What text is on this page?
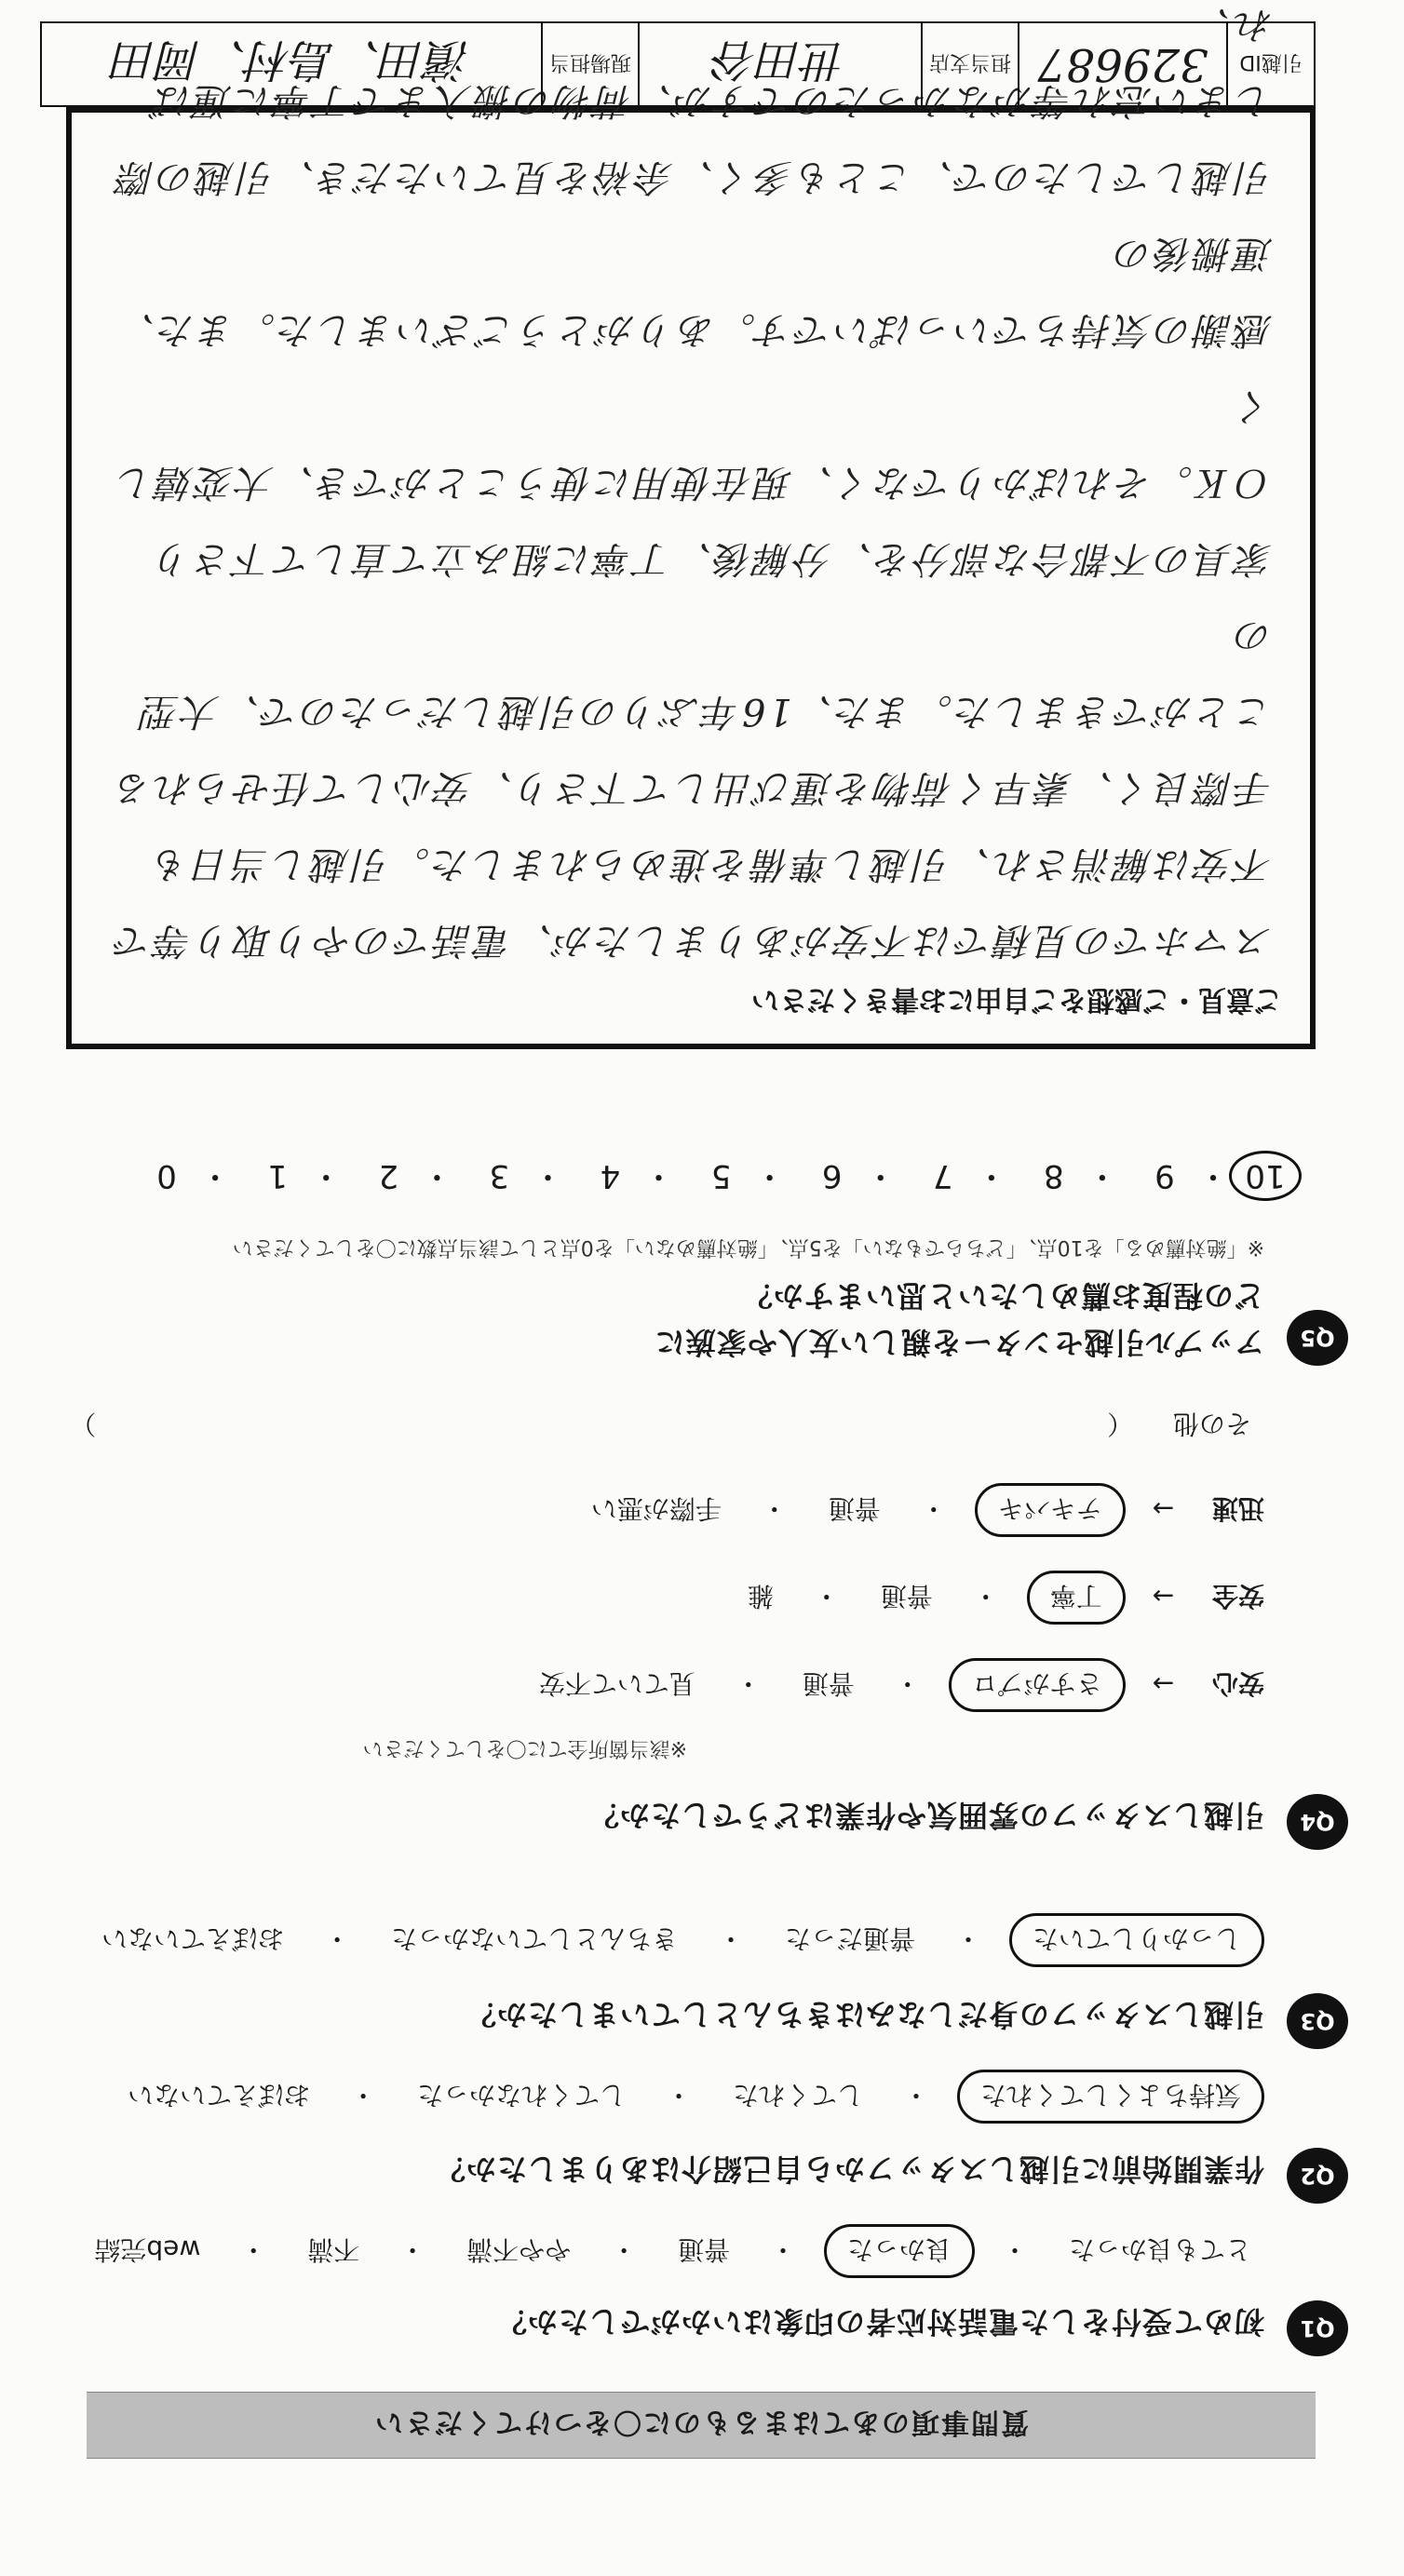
質問事項のあてはまるものに〇をつけてください
Q1
初めて受付をした電話対応者の印象はいかがでしたか？
とても良かった・ 良かった・ 普通・ やや不満・ 不満・ web完結
Q2
作業開始前に引越しスタッフから自己紹介はありましたか？
気持ちよくしてくれた・ してくれた・ してくれなかった・ おぼえていない
Q3
引越しスタッフの身だしなみはきちんとしていましたか？
しっかりしていた・ 普通だった・ きちんとしていなかった・ おぼえていない
Q4
引越しスタッフの雰囲気や作業はどうでしたか？
※該当箇所全てに〇をしてください
安心 → さすがプロ・ 普通・ 見ていて不安
安全 → 丁寧・ 普通・ 雑
迅速 → テキパキ・ 普通・ 手際が悪い
その他 （  ）
Q5
アップル引越センターを親しい友人や家族に
どの程度お薦めしたいと思いますか？
※「絶対薦める」を10点、「どちらでもない」を5点、「絶対薦めない」を0点として該当点数に〇をしてください
10・ 9・ 8・ 7・ 6・ 5・ 4・ 3・ 2・ 1・ 0
ご意見・ご感想をご自由にお書きください
スマホでの見積では不安がありましたが、電話でのやり取り等で
不安は解消され、引越し準備を進められました。引越し当日も
手際良く、素早く荷物を運び出して下さり、安心して任せられる
ことができました。また、16年ぶりの引越しだったので、大型の
家具の不都合な部分を、分解後、丁寧に組み立て直して下さり
ＯＫ。そればかりでなく、現在使用に使うことができ、大変嬉しく
感謝の気持ちでいっぱいです。ありがとうございました。また、運搬後の
引越しでしたので、ことも多く、余裕を見ていただき、引越の際
しまい忘れ等がなかったのですが、荷物の搬入まで丁寧に運ばれ、
引越ID	329687	担当支店	世田谷	現場担当	濱田、島村、岡田
